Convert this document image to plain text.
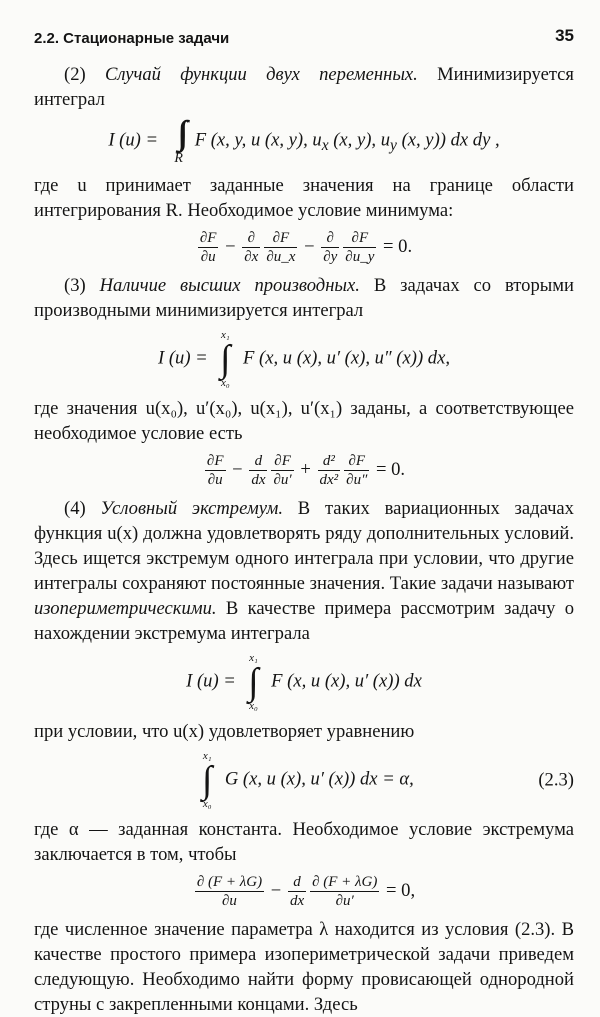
2.2. Стационарные задачи	35

(2) Случай функции двух переменных. Минимизируется интеграл

I (u) = ∫∫
R
F (x, y, u (x, y), $u_x$ (x, y), $u_y$ (x, y)) dx dy ,

где u принимает заданные значения на границе области интегрирования R. Необходимое условие минимума:

$\frac{\partial F}{\partial u} - \frac{\partial}{\partial x} \frac{\partial F}{\partial u\_x} - \frac{\partial}{\partial y} \frac{\partial F}{\partial u\_y} = 0$.

(3) Наличие высших производных. В задачах со вторыми производными минимизируется интеграл

I (u) =
x₁
∫
x₀
F (x, u (x), u′ (x), u″ (x)) dx,

где значения u(x₀), u′(x₀), u(x₁), u′(x₁) заданы, а соответствующее необходимое условие есть

$\frac{\partial F}{\partial u} - \frac{d}{dx} \frac{\partial F}{\partial u'} + \frac{\text{d²}}{\text{dx²}} \frac{\partial F}{\partial u''} = 0$.

(4) Условный экстремум. В таких вариационных задачах функция u(x) должна удовлетворять ряду дополнительных условий. Здесь ищется экстремум одного интеграла при условии, что другие интегралы сохраняют постоянные значения. Такие задачи называют изопериметрическими. В качестве примера рассмотрим задачу о нахождении экстремума интеграла

I (u) =
x₁
∫
x₀
F (x, u (x), u′ (x)) dx

при условии, что u(x) удовлетворяет уравнению

x₁
∫
x₀
G (x, u (x), u′ (x)) dx = α,	(2.3)

где α — заданная константа. Необходимое условие экстремума заключается в том, чтобы

$\frac{\partial (F + \lambda G)}{\partial u} - \frac{d}{dx} \frac{\partial (F + \lambda G)}{\partial u'} = 0$,

где численное значение параметра λ находится из условия (2.3). В качестве простого примера изопериметрической задачи приведем следующую. Необходимо найти форму провисающей однородной струны с закрепленными концами. Здесь
